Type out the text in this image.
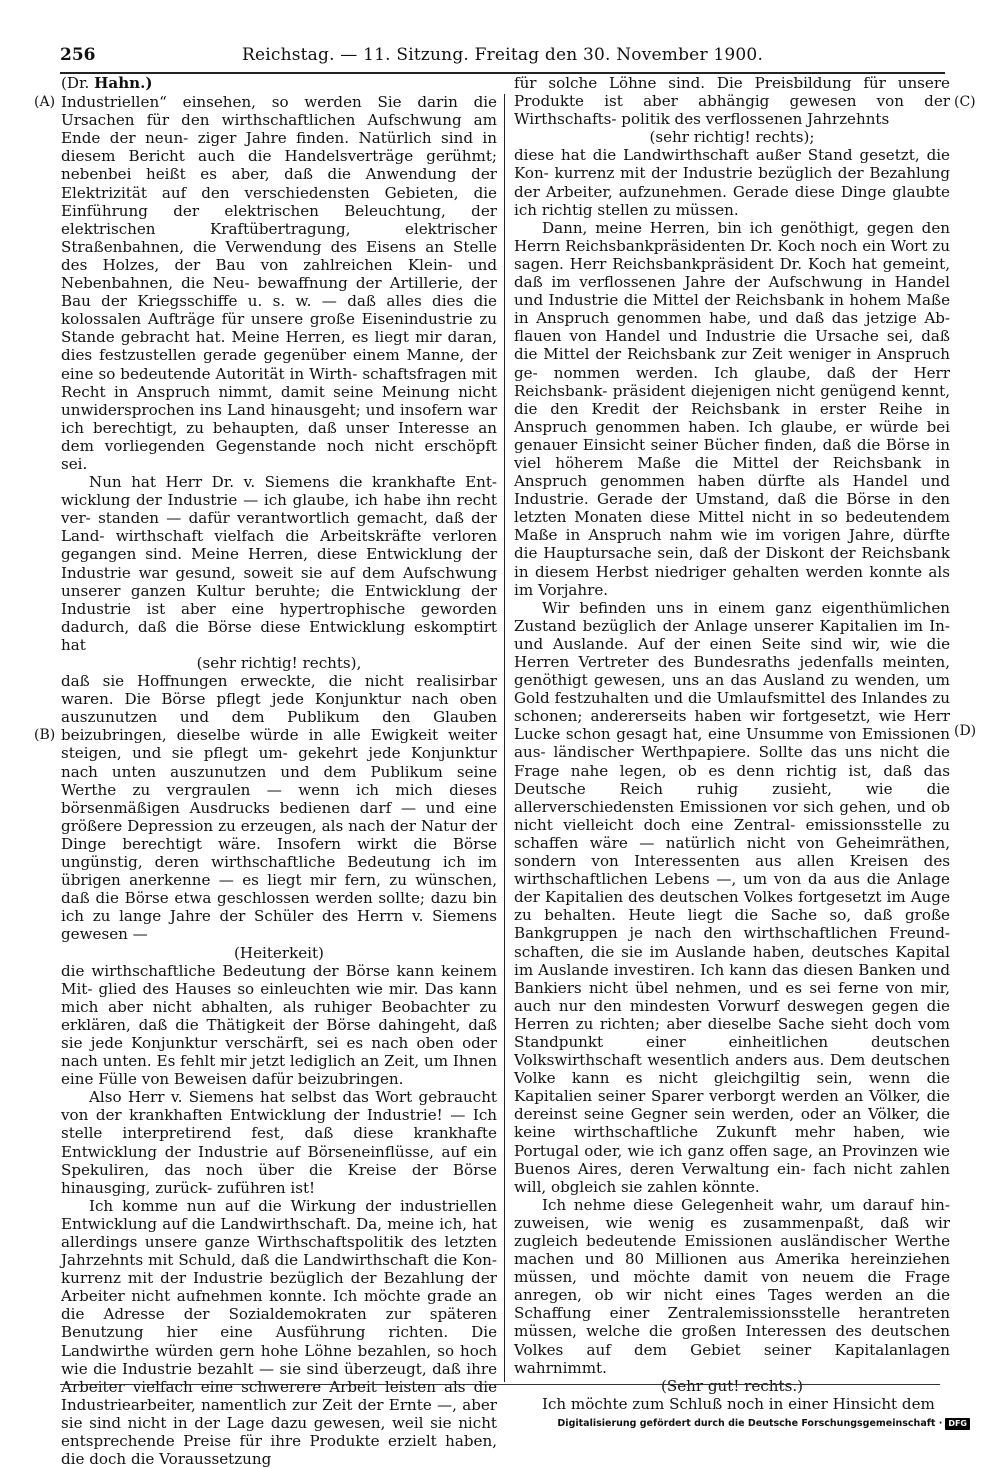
256	Reichstag. — 11. Sitzung. Freitag den 30. November 1900.
(A)
(B)
(C)
(D)

(Dr. Hahn.)

Industriellen“ einsehen, so werden Sie darin die Ursachen für den wirthschaftlichen Aufschwung am Ende der neun- ziger Jahre finden. Natürlich sind in diesem Bericht auch die Handelsverträge gerühmt; nebenbei heißt es aber, daß die Anwendung der Elektrizität auf den verschiedensten Gebieten, die Einführung der elektrischen Beleuchtung, der elektrischen Kraftübertragung, elektrischer Straßenbahnen, die Verwendung des Eisens an Stelle des Holzes, der Bau von zahlreichen Klein- und Nebenbahnen, die Neu- bewaffnung der Artillerie, der Bau der Kriegsschiffe u. s. w. — daß alles dies die kolossalen Aufträge für unsere große Eisenindustrie zu Stande gebracht hat. Meine Herren, es liegt mir daran, dies festzustellen gerade gegenüber einem Manne, der eine so bedeutende Autorität in Wirth- schaftsfragen mit Recht in Anspruch nimmt, damit seine Meinung nicht unwidersprochen ins Land hinausgeht; und insofern war ich berechtigt, zu behaupten, daß unser Interesse an dem vorliegenden Gegenstande noch nicht erschöpft sei.

Nun hat Herr Dr. v. Siemens die krankhafte Ent- wicklung der Industrie — ich glaube, ich habe ihn recht ver- standen — dafür verantwortlich gemacht, daß der Land- wirthschaft vielfach die Arbeitskräfte verloren gegangen sind. Meine Herren, diese Entwicklung der Industrie war gesund, soweit sie auf dem Aufschwung unserer ganzen Kultur beruhte; die Entwicklung der Industrie ist aber eine hypertrophische geworden dadurch, daß die Börse diese Entwicklung eskomptirt hat

(sehr richtig! rechts),

daß sie Hoffnungen erweckte, die nicht realisirbar waren. Die Börse pflegt jede Konjunktur nach oben auszunutzen und dem Publikum den Glauben beizubringen, dieselbe würde in alle Ewigkeit weiter steigen, und sie pflegt um- gekehrt jede Konjunktur nach unten auszunutzen und dem Publikum seine Werthe zu vergraulen — wenn ich mich dieses börsenmäßigen Ausdrucks bedienen darf — und eine größere Depression zu erzeugen, als nach der Natur der Dinge berechtigt wäre. Insofern wirkt die Börse ungünstig, deren wirthschaftliche Bedeutung ich im übrigen anerkenne — es liegt mir fern, zu wünschen, daß die Börse etwa geschlossen werden sollte; dazu bin ich zu lange Jahre der Schüler des Herrn v. Siemens gewesen —

(Heiterkeit)

die wirthschaftliche Bedeutung der Börse kann keinem Mit- glied des Hauses so einleuchten wie mir. Das kann mich aber nicht abhalten, als ruhiger Beobachter zu erklären, daß die Thätigkeit der Börse dahingeht, daß sie jede Konjunktur verschärft, sei es nach oben oder nach unten. Es fehlt mir jetzt lediglich an Zeit, um Ihnen eine Fülle von Beweisen dafür beizubringen.

Also Herr v. Siemens hat selbst das Wort gebraucht von der krankhaften Entwicklung der Industrie! — Ich stelle interpretirend fest, daß diese krankhafte Entwicklung der Industrie auf Börseneinflüsse, auf ein Spekuliren, das noch über die Kreise der Börse hinausging, zurück- zuführen ist!

Ich komme nun auf die Wirkung der industriellen Entwicklung auf die Landwirthschaft. Da, meine ich, hat allerdings unsere ganze Wirthschaftspolitik des letzten Jahrzehnts mit Schuld, daß die Landwirthschaft die Kon- kurrenz mit der Industrie bezüglich der Bezahlung der Arbeiter nicht aufnehmen konnte. Ich möchte grade an die Adresse der Sozialdemokraten zur späteren Benutzung hier eine Ausführung richten. Die Landwirthe würden gern hohe Löhne bezahlen, so hoch wie die Industrie bezahlt — sie sind überzeugt, daß ihre Arbeiter vielfach eine schwerere Arbeit leisten als die Industriearbeiter, namentlich zur Zeit der Ernte —, aber sie sind nicht in der Lage dazu gewesen, weil sie nicht entsprechende Preise für ihre Produkte erzielt haben, die doch die Voraussetzung

für solche Löhne sind. Die Preisbildung für unsere Produkte ist aber abhängig gewesen von der Wirthschafts- politik des verflossenen Jahrzehnts

(sehr richtig! rechts);

diese hat die Landwirthschaft außer Stand gesetzt, die Kon- kurrenz mit der Industrie bezüglich der Bezahlung der Arbeiter, aufzunehmen. Gerade diese Dinge glaubte ich richtig stellen zu müssen.

Dann, meine Herren, bin ich genöthigt, gegen den Herrn Reichsbankpräsidenten Dr. Koch noch ein Wort zu sagen. Herr Reichsbankpräsident Dr. Koch hat gemeint, daß im verflossenen Jahre der Aufschwung in Handel und Industrie die Mittel der Reichsbank in hohem Maße in Anspruch genommen habe, und daß das jetzige Ab- flauen von Handel und Industrie die Ursache sei, daß die Mittel der Reichsbank zur Zeit weniger in Anspruch ge- nommen werden. Ich glaube, daß der Herr Reichsbank- präsident diejenigen nicht genügend kennt, die den Kredit der Reichsbank in erster Reihe in Anspruch genommen haben. Ich glaube, er würde bei genauer Einsicht seiner Bücher finden, daß die Börse in viel höherem Maße die Mittel der Reichsbank in Anspruch genommen haben dürfte als Handel und Industrie. Gerade der Umstand, daß die Börse in den letzten Monaten diese Mittel nicht in so bedeutendem Maße in Anspruch nahm wie im vorigen Jahre, dürfte die Hauptursache sein, daß der Diskont der Reichsbank in diesem Herbst niedriger gehalten werden konnte als im Vorjahre.

Wir befinden uns in einem ganz eigenthümlichen Zustand bezüglich der Anlage unserer Kapitalien im In- und Auslande. Auf der einen Seite sind wir, wie die Herren Vertreter des Bundesraths jedenfalls meinten, genöthigt gewesen, uns an das Ausland zu wenden, um Gold festzuhalten und die Umlaufsmittel des Inlandes zu schonen; andererseits haben wir fortgesetzt, wie Herr Lucke schon gesagt hat, eine Unsumme von Emissionen aus- ländischer Werthpapiere. Sollte das uns nicht die Frage nahe legen, ob es denn richtig ist, daß das Deutsche Reich ruhig zusieht, wie die allerverschiedensten Emissionen vor sich gehen, und ob nicht vielleicht doch eine Zentral- emissionsstelle zu schaffen wäre — natürlich nicht von Geheimräthen, sondern von Interessenten aus allen Kreisen des wirthschaftlichen Lebens —, um von da aus die Anlage der Kapitalien des deutschen Volkes fortgesetzt im Auge zu behalten. Heute liegt die Sache so, daß große Bankgruppen je nach den wirthschaftlichen Freund- schaften, die sie im Auslande haben, deutsches Kapital im Auslande investiren. Ich kann das diesen Banken und Bankiers nicht übel nehmen, und es sei ferne von mir, auch nur den mindesten Vorwurf deswegen gegen die Herren zu richten; aber dieselbe Sache sieht doch vom Standpunkt einer einheitlichen deutschen Volkswirthschaft wesentlich anders aus. Dem deutschen Volke kann es nicht gleichgiltig sein, wenn die Kapitalien seiner Sparer verborgt werden an Völker, die dereinst seine Gegner sein werden, oder an Völker, die keine wirthschaftliche Zukunft mehr haben, wie Portugal oder, wie ich ganz offen sage, an Provinzen wie Buenos Aires, deren Verwaltung ein- fach nicht zahlen will, obgleich sie zahlen könnte.

Ich nehme diese Gelegenheit wahr, um darauf hin- zuweisen, wie wenig es zusammenpaßt, daß wir zugleich bedeutende Emissionen ausländischer Werthe machen und 80 Millionen aus Amerika hereinziehen müssen, und möchte damit von neuem die Frage anregen, ob wir nicht eines Tages werden an die Schaffung einer Zentralemissionsstelle herantreten müssen, welche die großen Interessen des deutschen Volkes auf dem Gebiet seiner Kapitalanlagen wahrnimmt.

(Sehr gut! rechts.)

Ich möchte zum Schluß noch in einer Hinsicht dem

Digitalisierung gefördert durch die Deutsche Forschungsgemeinschaft · DFG
